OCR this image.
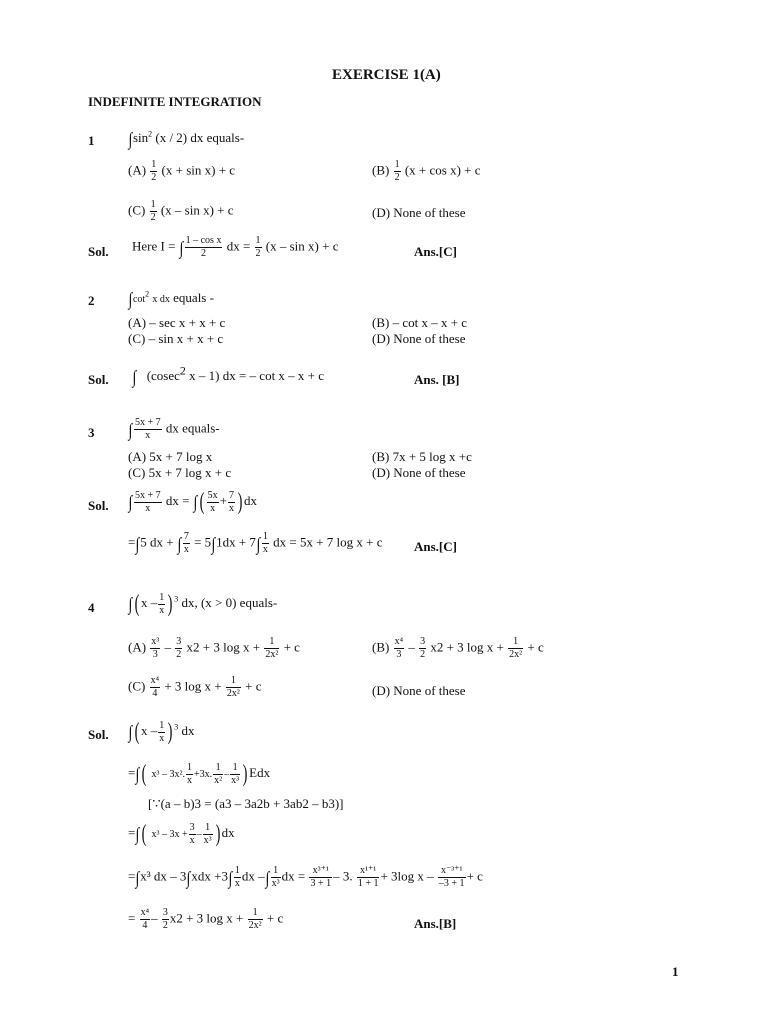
EXERCISE 1(A)
INDEFINITE INTEGRATION
1 $\int\sin^2$ (x / 2) dx equals-
$(A) \frac{1}{2} (x + \sin x) + c$	$(B) \frac{1}{2} (x + \cos x) + c$
$(C) \frac{1}{2} (x - \sin x) + c$	(D) None of these
Sol. Here I = ∫ $\frac{\text{1 – cos x}}{2}$ dx = $\frac{1}{2} (x - \sin x) + c$	Ans.[C]
2 $\int\cot^2$ x dx equals -
(A) – sec x + x + c	(B) – cot x – x + c
(C) – sin x + x + c	(D) None of these
Sol. ∫ (cosec$^2$ x – 1) dx = – cot x – x + c	Ans. [B]
3 ∫ $\frac{5x + 7}{x}$ dx equals-
(A) 5x + 7 log x	(B) 7x + 5 log x +c
(C) 5x + 7 log x + c	(D) None of these
Sol. ∫ $\frac{5x + 7}{x}$ dx = ∫( $\frac{5x}{x} + \frac{7}{x}$ ) dx
=∫5 dx + ∫ $\frac{7}{x} = 5\int 1dx + 7\int \frac{1}{x}$ dx = 5x + 7 log x + c Ans.[C]
4 ∫( x – $\frac{1}{x}$ ) $^3$ dx, (x > 0) equals-
$(A) \frac{\text{x³}}{3} - \frac{3}{2} x2 + 3$ $\log x + \frac{1}{\text{2x²}} + c$	$(B) \frac{\text{x⁴}}{3} - \frac{3}{2} x2 + 3$ $\log x + \frac{1}{\text{2x²}} + c$
$(C) \frac{\text{x⁴}}{4} + 3$ $\log x + \frac{1}{\text{2x²}} + c$	(D) None of these
Sol. ∫( x – $\frac{1}{x}$ ) $^3$ dx
=∫( x³ – 3x². $\frac{1}{x} +3x$. $\frac{1}{\text{x²}} - \frac{1}{\text{x³}}$ ) Edx
[∵(a – b)3 = (a3 – 3a2b + 3ab2 – b3)]
=∫( $x^3 - 3x + \frac{3}{x} - \frac{1}{\text{x³}}$ ) dx
=∫x³ dx – $3\int xdx +3\int \frac{1}{x}$ dx –∫ $\frac{1}{\text{x³}}$ dx = $\frac{\text{x³⁺¹}}{3 + 1} - 3$. $\frac{\text{x¹⁺¹}}{1 + 1} + 3\log$ $x - \frac{\text{x⁻³⁺¹}}{-3 + 1} + c$
= $\frac{\text{x⁴}}{4} - \frac{3}{2} x2 + 3$ $\log x + \frac{1}{\text{2x²}} + c$	Ans.[B]
1
